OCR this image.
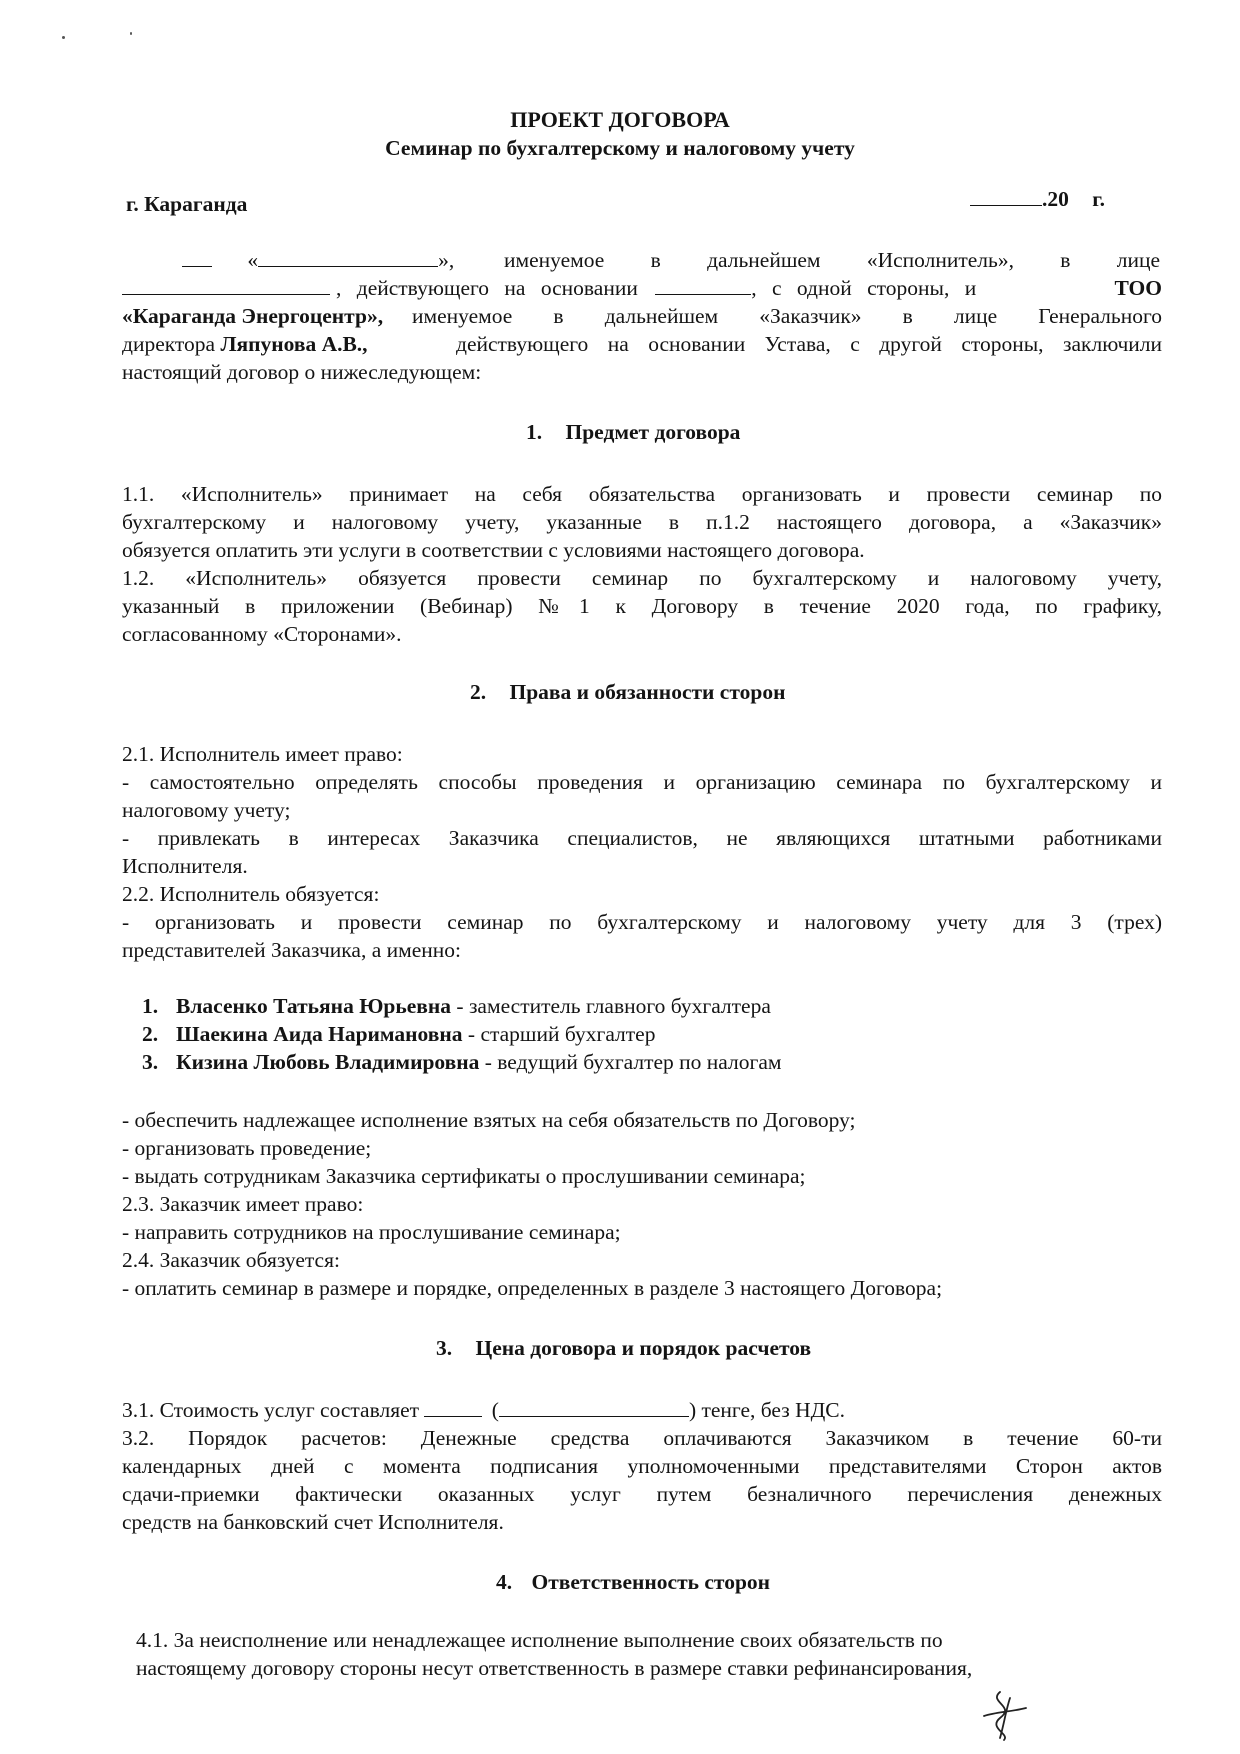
ПРОЕКТ ДОГОВОРА
Семинар по бухгалтерскому и налоговому учету
г. Караганда	.20 г.
«	», именуемое в дальнейшем «Исполнитель», в лице
, действующего на основании	, с одной стороны, и	ТОО
«Караганда Энергоцентр», именуемое в дальнейшем «Заказчик» в лице Генерального
директора Ляпунова А.В.,	действующего на основании Устава, с другой стороны, заключили
настоящий договор о нижеследующем:
1. Предмет договора
1.1. «Исполнитель» принимает на себя обязательства организовать и провести семинар по
бухгалтерскому и налоговому учету, указанные в п.1.2 настоящего договора, а «Заказчик»
обязуется оплатить эти услуги в соответствии с условиями настоящего договора.
1.2. «Исполнитель» обязуется провести семинар по бухгалтерскому и налоговому учету,
указанный в приложении (Вебинар) №1 к Договору в течение 2020 года, по графику,
согласованному «Сторонами».
2. Права и обязанности сторон
2.1. Исполнитель имеет право:
- самостоятельно определять способы проведения и организацию семинара по бухгалтерскому и
налоговому учету;
- привлекать в интересах Заказчика специалистов, не являющихся штатными работниками
Исполнителя.
2.2. Исполнитель обязуется:
- организовать и провести семинар по бухгалтерскому и налоговому учету для 3 (трех)
представителей Заказчика, а именно:
1. Власенко Татьяна Юрьевна - заместитель главного бухгалтера
2. Шаекина Аида Наримановна - старший бухгалтер
3. Кизина Любовь Владимировна - ведущий бухгалтер по налогам
- обеспечить надлежащее исполнение взятых на себя обязательств по Договору;
- организовать проведение;
- выдать сотрудникам Заказчика сертификаты о прослушивании семинара;
2.3. Заказчик имеет право:
- направить сотрудников на прослушивание семинара;
2.4. Заказчик обязуется:
- оплатить семинар в размере и порядке, определенных в разделе 3 настоящего Договора;
3. Цена договора и порядок расчетов
3.1. Стоимость услуг составляет	(	) тенге, без НДС.
3.2. Порядок расчетов: Денежные средства оплачиваются Заказчиком в течение 60-ти
календарных дней с момента подписания уполномоченными представителями Сторон актов
сдачи-приемки фактически оказанных услуг путем безналичного перечисления денежных
средств на банковский счет Исполнителя.
4. Ответственность сторон
4.1. За неисполнение или ненадлежащее исполнение выполнение своих обязательств по
настоящему договору стороны несут ответственность в размере ставки рефинансирования,
